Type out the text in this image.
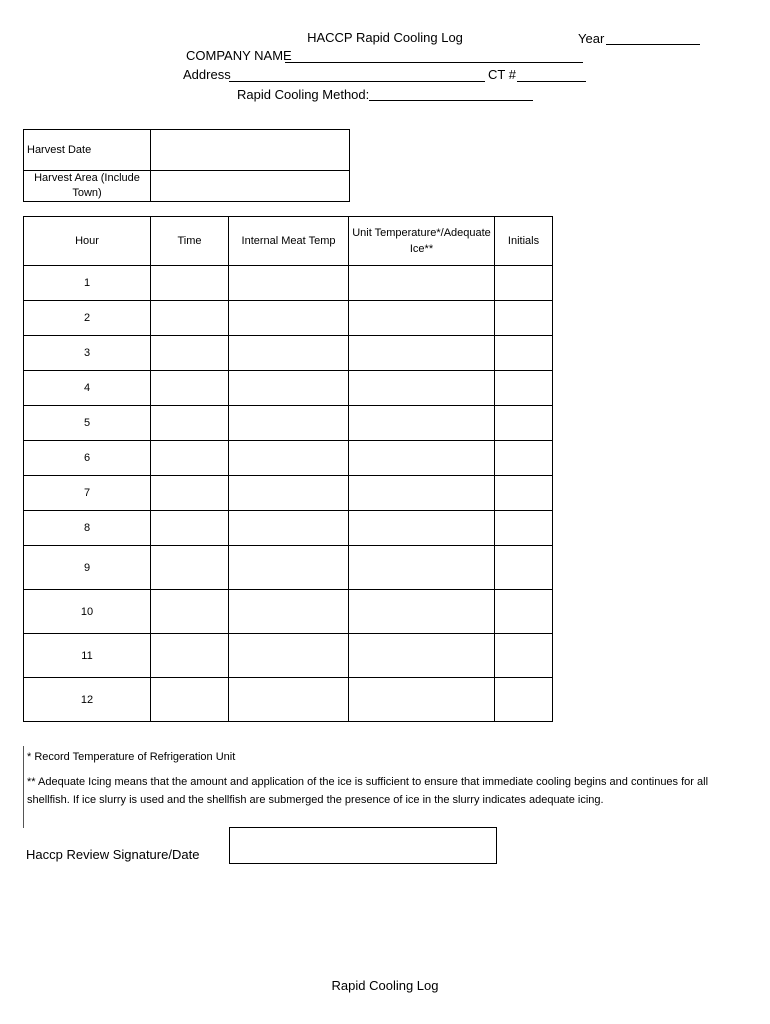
HACCP Rapid Cooling Log	Year
COMPANY NAME
Address	CT #
Rapid Cooling Method:
Harvest Date	

Harvest Area (Include Town)	

Hour	Time	Internal Meat Temp	Unit Temperature*/Adequate Ice**	Initials
1				
2				
3				
4				
5				
6				
7				
8				
9				
10				
11				
12				
* Record Temperature of Refrigeration Unit
** Adequate Icing means that the amount and application of the ice is sufficient to ensure that immediate cooling begins and continues for all shellfish. If ice slurry is used and the shellfish are submerged the presence of ice in the slurry indicates adequate icing.
Haccp Review Signature/Date
Rapid Cooling Log
